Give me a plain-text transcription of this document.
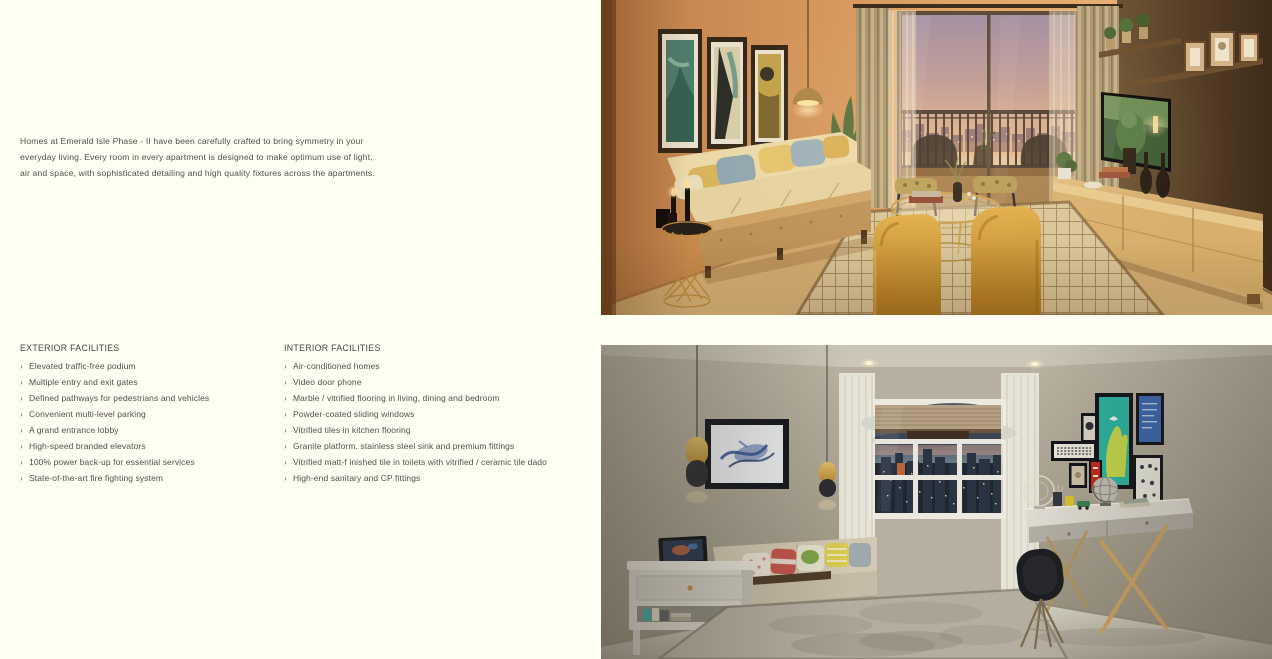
Homes at Emerald Isle Phase - II have been carefully crafted to bring symmetry in your
everyday living. Every room in every apartment is designed to make optimum use of light,
air and space, with sophisticated detailing and high quality fixtures across the apartments.
EXTERIOR FACILITIES
› Elevated traffic-free podium
› Multiple entry and exit gates
› Defined pathways for pedestrians and vehicles
› Convenient multi-level parking
› A grand entrance lobby
› High-speed branded elevators
› 100% power back-up for essential services
› State-of-the-art fire fighting system
INTERIOR FACILITIES
› Air-conditioned homes
› Video door phone
› Marble / vitrified flooring in living, dining and bedroom
› Powder-coated sliding windows
› Vitrified tiles in kitchen flooring
› Granite platform, stainless steel sink and premium fittings
› Vitrified matt-f inished tile in toilets with vitrified / ceramic tile dado
› High-end sanitary and CP fittings
